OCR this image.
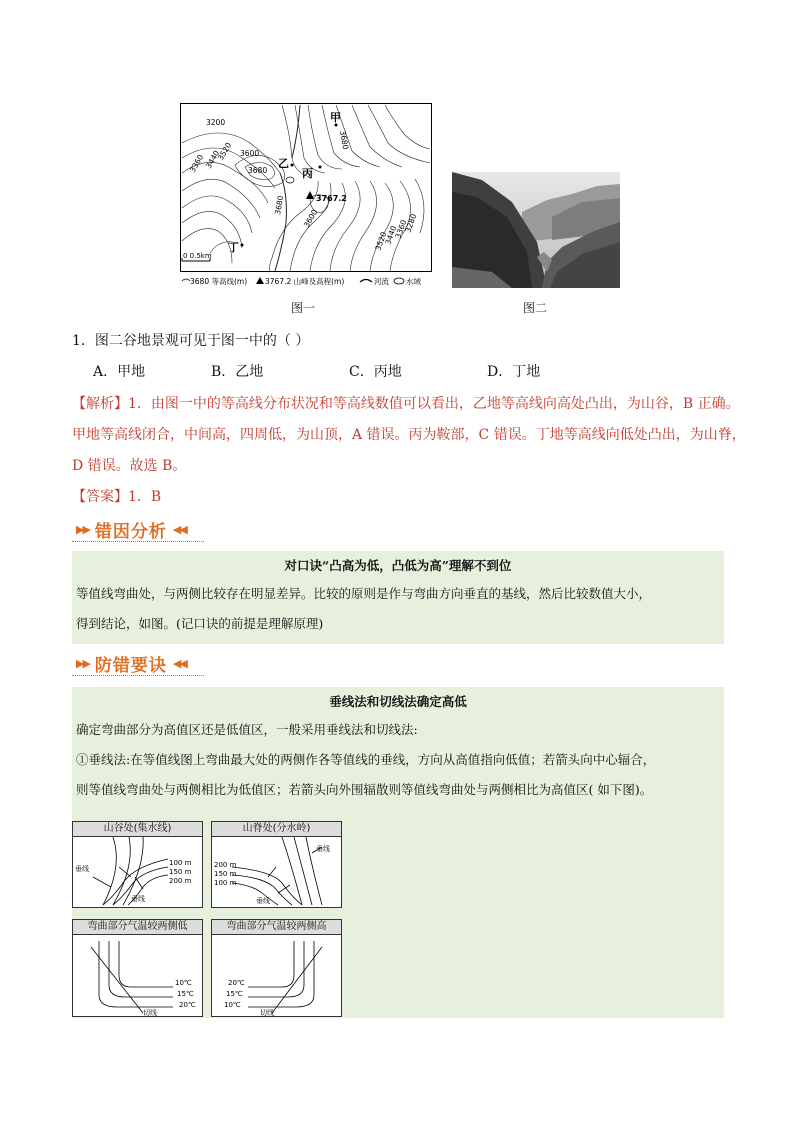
3200
3680
3360
3440
3520 3600
3680
3680
3600
3520
3440
3360
3280
甲
乙
丙
丁
3767.2
0 0.5km
3680 等高线(m) 3767.2 山峰及高程(m)	河流 水域
图一	图二
1．图二谷地景观可见于图一中的（ ）
A．甲地	B．乙地	C．丙地	D．丁地
【解析】1．由图一中的等高线分布状况和等高线数值可以看出，乙地等高线向高处凸出，为山谷，B 正确。
甲地等高线闭合，中间高，四周低，为山顶，A 错误。丙为鞍部，C 错误。丁地等高线向低处凸出，为山脊，
D 错误。故选 B。
【答案】1．B
▶▶ 错因分析 ◀◀
对口诀“凸高为低，凸低为高”理解不到位

等值线弯曲处，与两侧比较存在明显差异。比较的原则是作与弯曲方向垂直的基线，然后比较数值大小，

得到结论，如图。(记口诀的前提是理解原理)

▶▶ 防错要诀 ◀◀
垂线法和切线法确定高低

确定弯曲部分为高值区还是低值区，一般采用垂线法和切线法:

①垂线法:在等值线图上弯曲最大处的两侧作各等值线的垂线，方向从高值指向低值；若箭头向中心辐合，

则等值线弯曲处与两侧相比为低值区；若箭头向外围辐散则等值线弯曲处与两侧相比为高值区( 如下图)。

山谷处(集水线)
垂线
100 m
150 m
200 m
垂线
山脊处(分水岭)
垂线
200 m
150 m
100 m
垂线
弯曲部分气温较两侧低
10℃
15℃
20℃
切线
弯曲部分气温较两侧高
20℃
15℃
10℃
切线
